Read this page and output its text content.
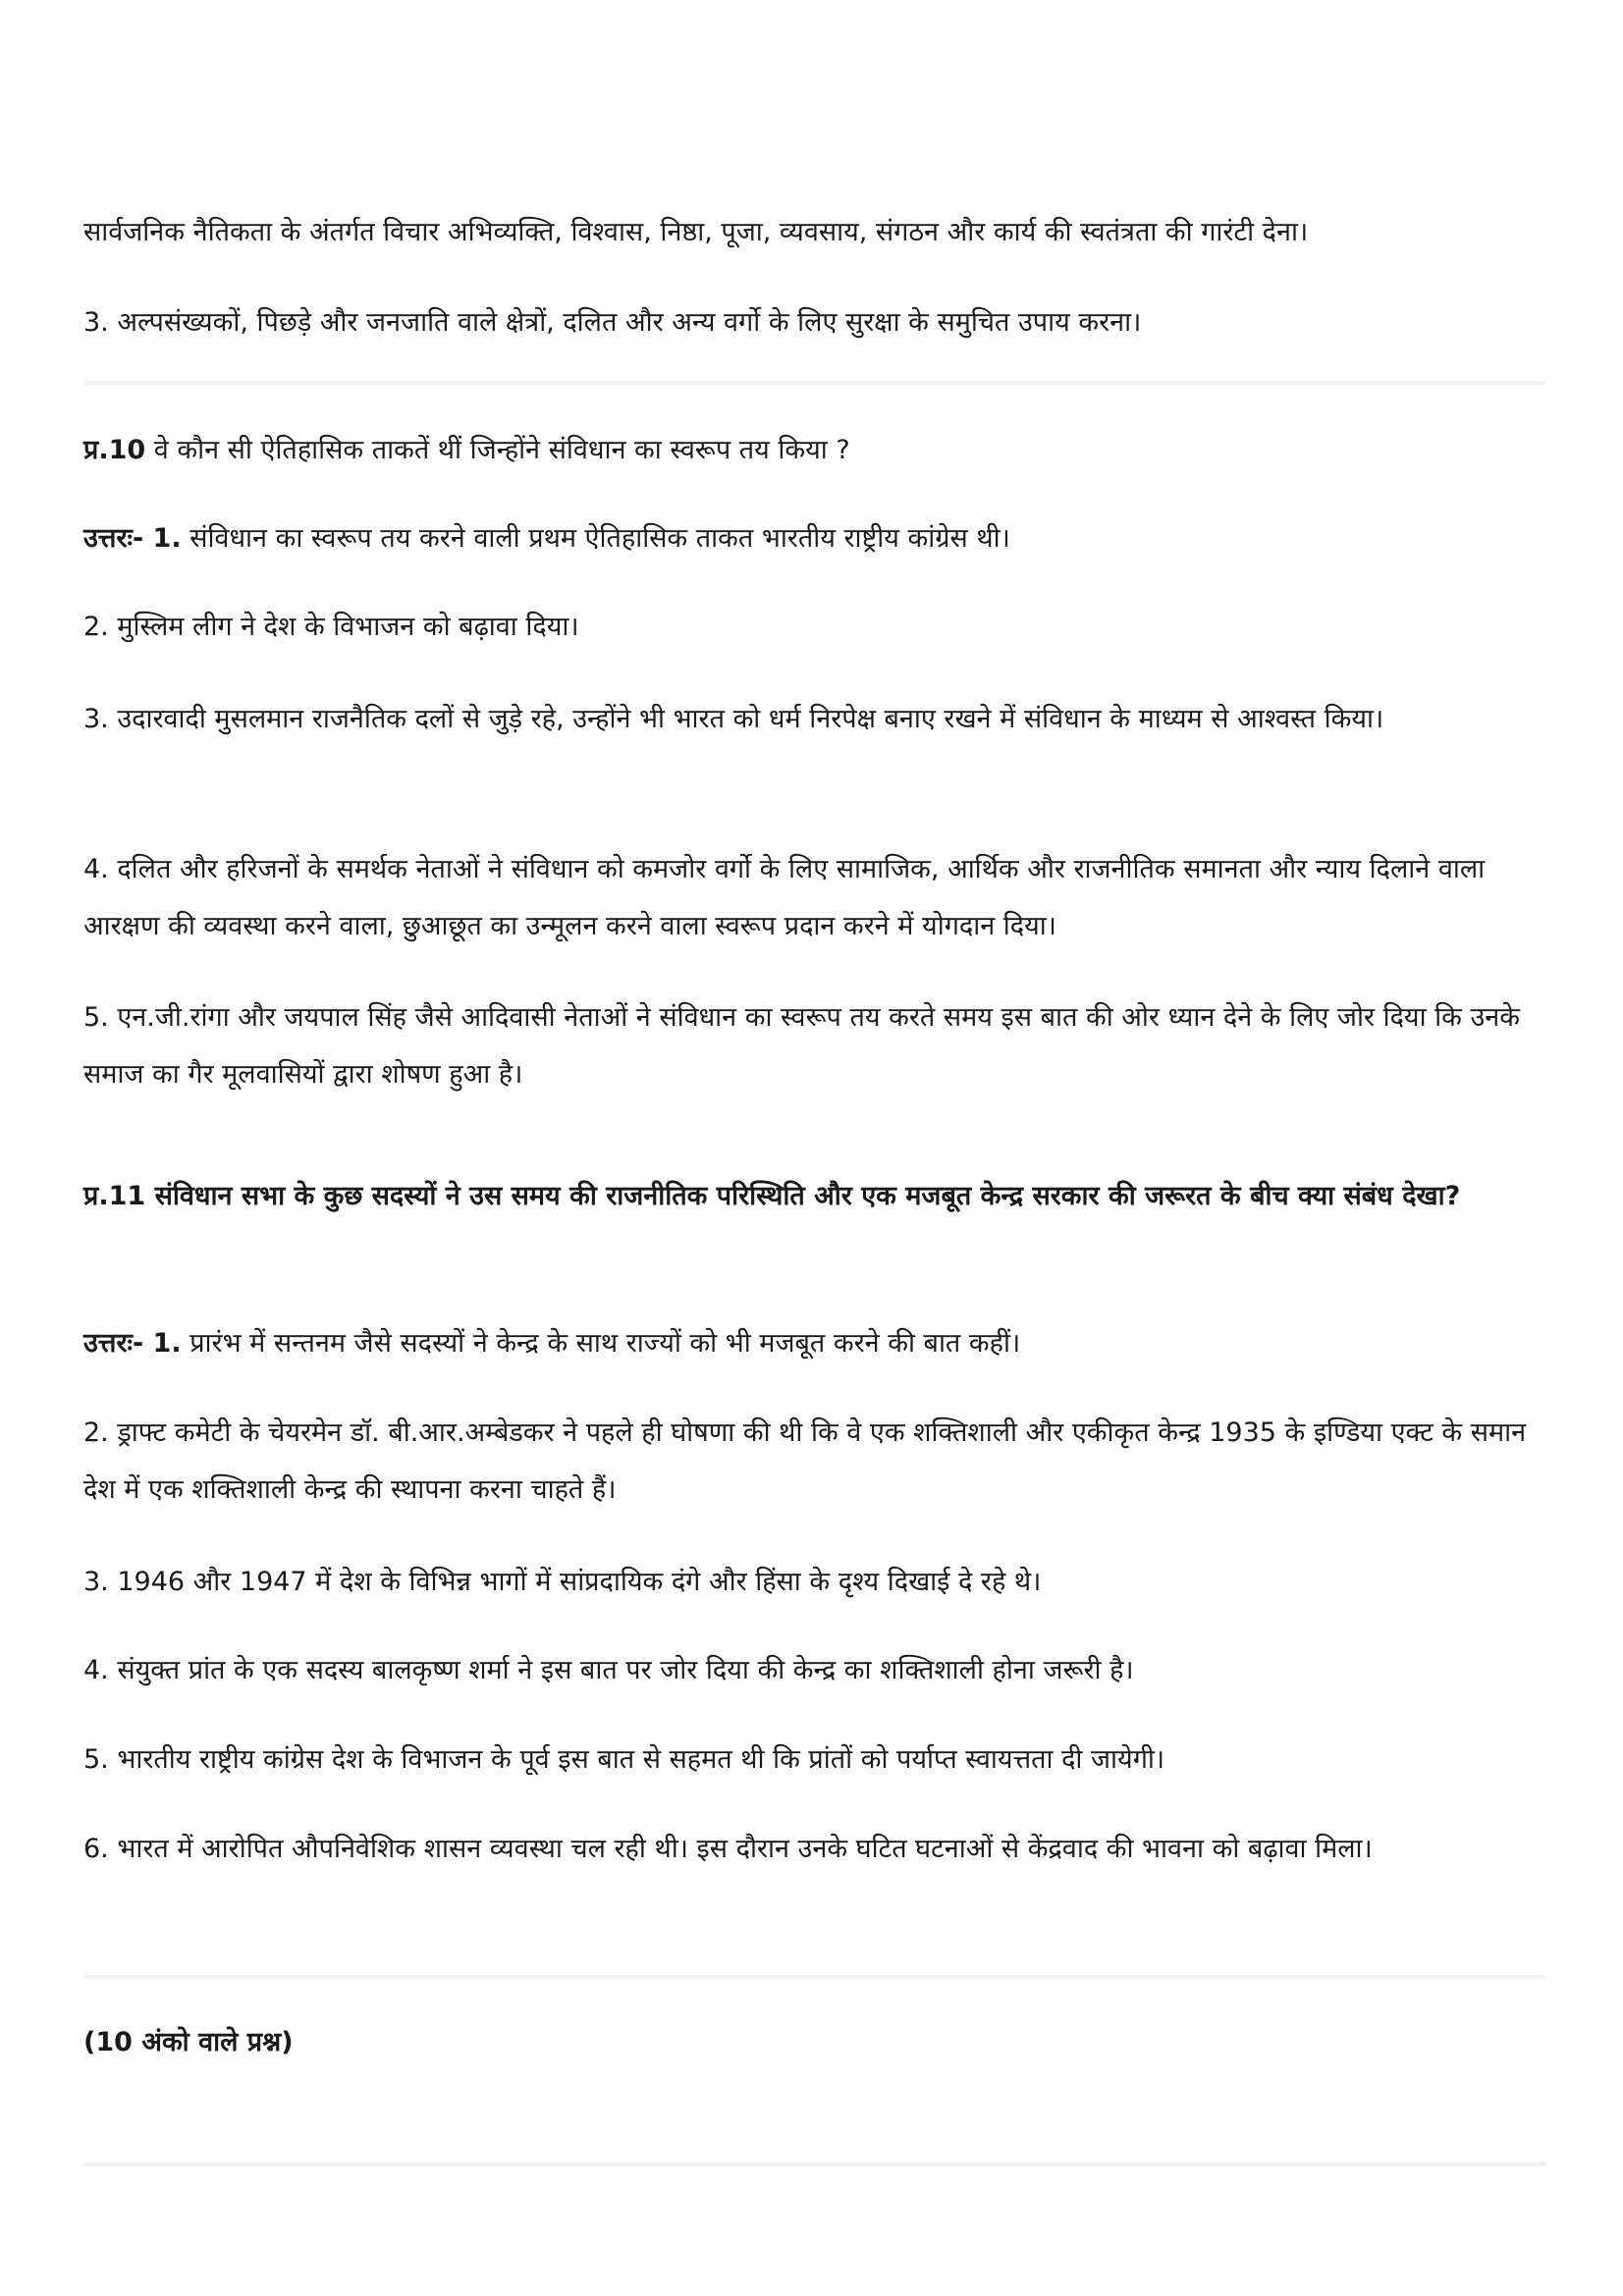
सार्वजनिक नैतिकता के अंतर्गत विचार अभिव्यक्ति, विश्वास, निष्ठा, पूजा, व्यवसाय, संगठन और कार्य की स्वतंत्रता की गारंटी देना।

3. अल्पसंख्यकों, पिछड़े और जनजाति वाले क्षेत्रों, दलित और अन्य वर्गो के लिए सुरक्षा के समुचित उपाय करना।

प्र.10 वे कौन सी ऐतिहासिक ताकतें थीं जिन्होंने संविधान का स्वरूप तय किया ?

उत्तरः- 1. संविधान का स्वरूप तय करने वाली प्रथम ऐतिहासिक ताकत भारतीय राष्ट्रीय कांग्रेस थी।

2. मुस्लिम लीग ने देश के विभाजन को बढ़ावा दिया।

3. उदारवादी मुसलमान राजनैतिक दलों से जुड़े रहे, उन्होंने भी भारत को धर्म निरपेक्ष बनाए रखने में संविधान के माध्यम से आश्वस्त किया।

4. दलित और हरिजनों के समर्थक नेताओं ने संविधान को कमजोर वर्गो के लिए सामाजिक, आर्थिक और राजनीतिक समानता और न्याय दिलाने वाला आरक्षण की व्यवस्था करने वाला, छुआछूत का उन्मूलन करने वाला स्वरूप प्रदान करने में योगदान दिया।

5. एन.जी.रांगा और जयपाल सिंह जैसे आदिवासी नेताओं ने संविधान का स्वरूप तय करते समय इस बात की ओर ध्यान देने के लिए जोर दिया कि उनके समाज का गैर मूलवासियों द्वारा शोषण हुआ है।

प्र.11 संविधान सभा के कुछ सदस्यों ने उस समय की राजनीतिक परिस्थिति और एक मजबूत केन्द्र सरकार की जरूरत के बीच क्या संबंध देखा?

उत्तरः- 1. प्रारंभ में सन्तनम जैसे सदस्यों ने केन्द्र के साथ राज्यों को भी मजबूत करने की बात कहीं।

2. ड्राफ्ट कमेटी के चेयरमेन डॉ. बी.आर.अम्बेडकर ने पहले ही घोषणा की थी कि वे एक शक्तिशाली और एकीकृत केन्द्र 1935 के इण्डिया एक्ट के समान देश में एक शक्तिशाली केन्द्र की स्थापना करना चाहते हैं।

3. 1946 और 1947 में देश के विभिन्न भागों में सांप्रदायिक दंगे और हिंसा के दृश्य दिखाई दे रहे थे।

4. संयुक्त प्रांत के एक सदस्य बालकृष्ण शर्मा ने इस बात पर जोर दिया की केन्द्र का शक्तिशाली होना जरूरी है।

5. भारतीय राष्ट्रीय कांग्रेस देश के विभाजन के पूर्व इस बात से सहमत थी कि प्रांतों को पर्याप्त स्वायत्तता दी जायेगी।

6. भारत में आरोपित औपनिवेशिक शासन व्यवस्था चल रही थी। इस दौरान उनके घटित घटनाओं से केंद्रवाद की भावना को बढ़ावा मिला।

(10 अंको वाले प्रश्न)
